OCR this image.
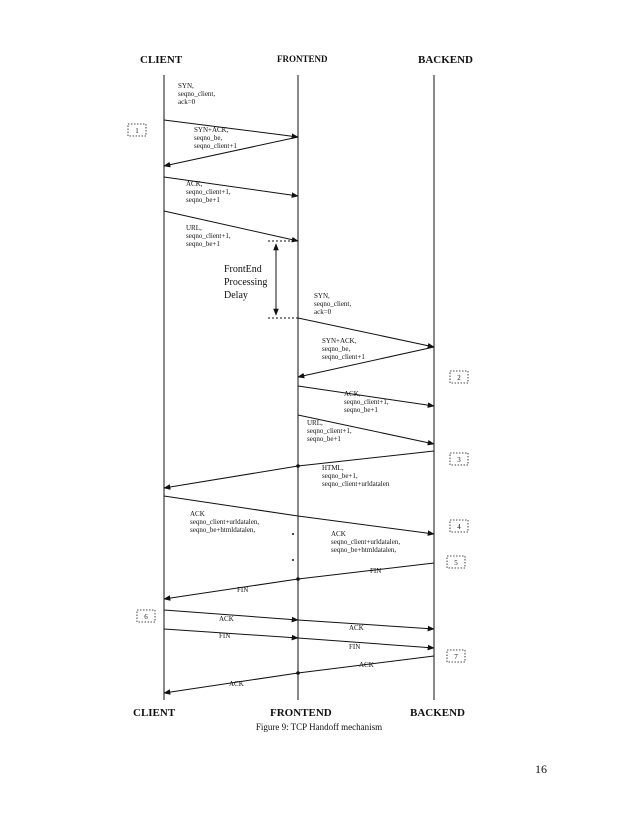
CLIENT	FRONTEND	BACKEND
SYN, seqno_client, ack=0
SYN+ACK, seqno_be, seqno_client+1
ACK, seqno_client+1, seqno_be+1
URL, seqno_client+1, seqno_be+1
SYN, seqno_client, ack=0
SYN+ACK, seqno_be, seqno_client+1
ACK, seqno_client+1, seqno_be+1
URL, seqno_client+1, seqno_be+1
HTML, seqno_be+1, seqno_client+urldatalen
ACK seqno_client+urldatalen, seqno_be+htmldatalen,	ACK seqno_client+urldatalen, seqno_be+htmldatalen,
FIN
FIN
ACK
ACK
FIN
FIN
ACK
ACK
FrontEnd Processing Delay
1
2
3
4
5
6
7
CLIENT	FRONTEND	BACKEND
Figure 9: TCP Handoff mechanism
16
